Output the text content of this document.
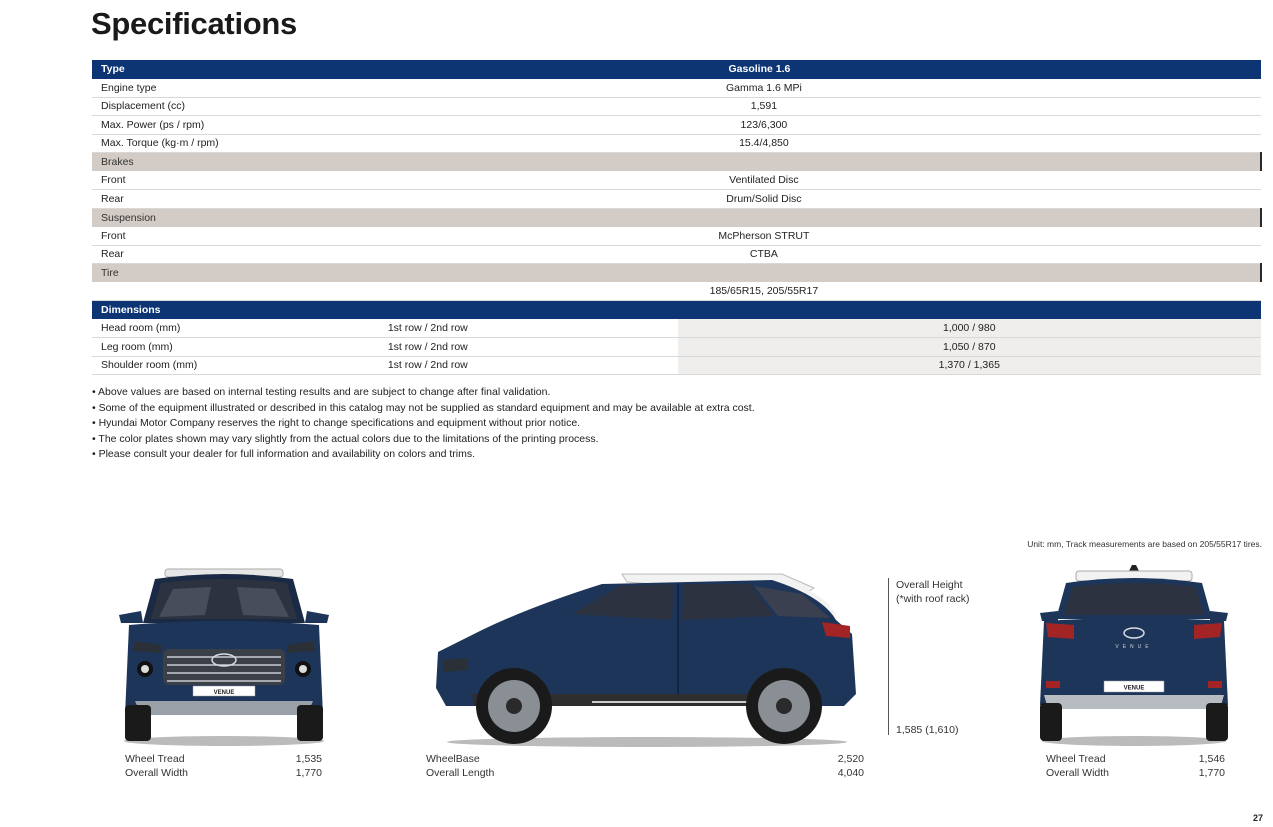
Specifications
Type	Gasoline 1.6	
Engine type	Gamma 1.6 MPi	
Displacement (cc)	1,591	
Max. Power (ps / rpm)	123/6,300	
Max. Torque (kg·m / rpm)	15.4/4,850	
Brakes		
Front	Ventilated Disc	
Rear	Drum/Solid Disc	
Suspension		
Front	McPherson STRUT	
Rear	CTBA	
Tire		
	185/65R15, 205/55R17	
Dimensions		
Head room (mm)	1st row / 2nd row	1,000 / 980
Leg room (mm)	1st row / 2nd row	1,050 / 870
Shoulder room (mm)	1st row / 2nd row	1,370 / 1,365
• Above values are based on internal testing results and are subject to change after final validation.
• Some of the equipment illustrated or described in this catalog may not be supplied as standard equipment and may be available at extra cost.
• Hyundai Motor Company reserves the right to change specifications and equipment without prior notice.
• The color plates shown may vary slightly from the actual colors due to the limitations of the printing process.
• Please consult your dealer for full information and availability on colors and trims.
Unit: mm, Track measurements are based on 205/55R17 tires.
VENUE
Overall Height
(*with roof rack)
1,585 (1,610)
VENUE
VENUE
Wheel Tread
Overall Width
1,535
1,770
WheelBase
Overall Length
2,520
4,040
Wheel Tread
Overall Width
1,546
1,770
27
